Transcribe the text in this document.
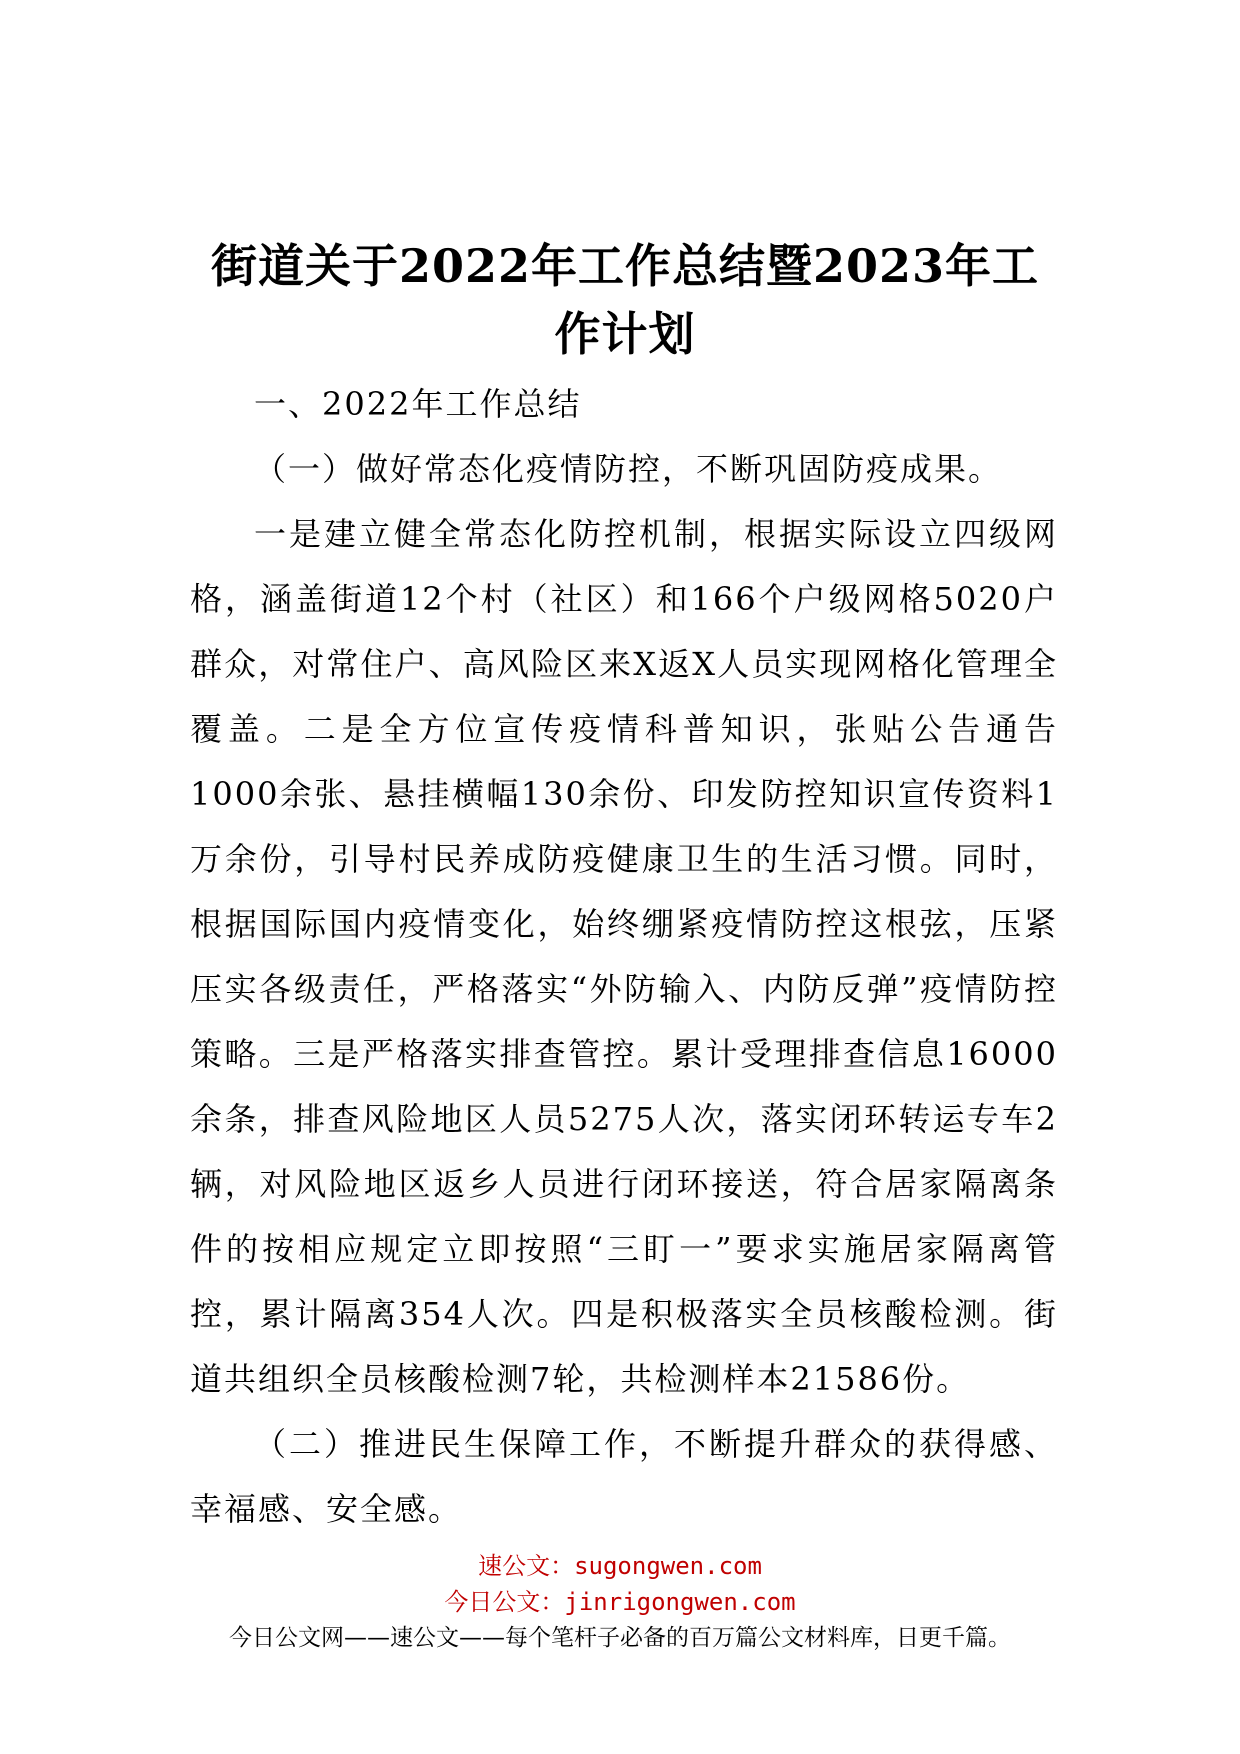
街道关于2022年工作总结暨2023年工作计划

一、2022年工作总结

（一）做好常态化疫情防控，不断巩固防疫成果。

一是建立健全常态化防控机制，根据实际设立四级网格，涵盖街道12个村（社区）和166个户级网格5020户群众，对常住户、高风险区来X返X人员实现网格化管理全覆盖。二是全方位宣传疫情科普知识，张贴公告通告1000余张、悬挂横幅130余份、印发防控知识宣传资料1万余份，引导村民养成防疫健康卫生的生活习惯。同时，根据国际国内疫情变化，始终绷紧疫情防控这根弦，压紧压实各级责任，严格落实“外防输入、内防反弹”疫情防控策略。三是严格落实排查管控。累计受理排查信息16000余条，排查风险地区人员5275人次，落实闭环转运专车2辆，对风险地区返乡人员进行闭环接送，符合居家隔离条件的按相应规定立即按照“三盯一”要求实施居家隔离管控，累计隔离354人次。四是积极落实全员核酸检测。街道共组织全员核酸检测7轮，共检测样本21586份。

（二）推进民生保障工作，不断提升群众的获得感、幸福感、安全感。

速公文：sugongwen.com
今日公文：jinrigongwen.com
今日公文网——速公文——每个笔杆子必备的百万篇公文材料库，日更千篇。
